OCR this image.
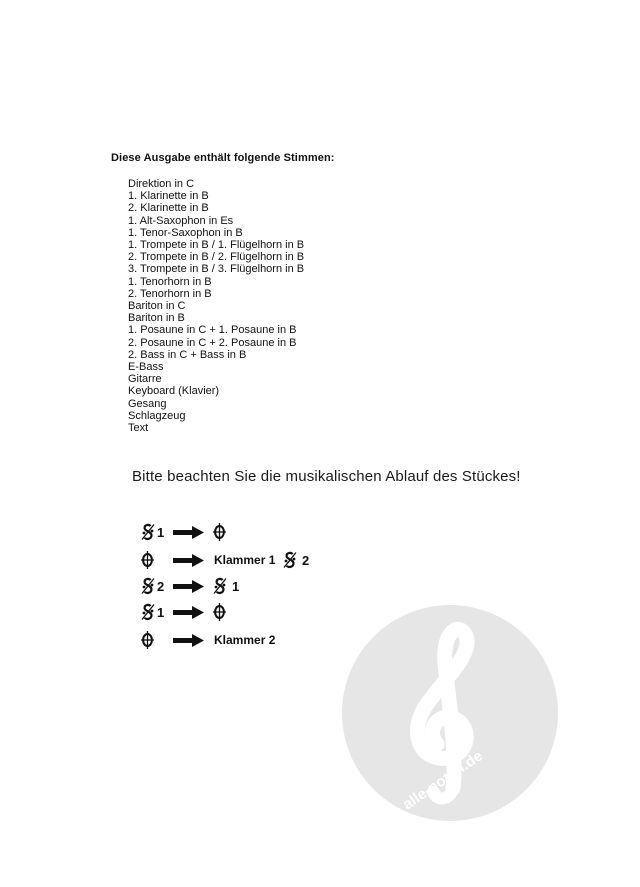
Diese Ausgabe enthält folgende Stimmen:
Direktion in C
1. Klarinette in B
2. Klarinette in B
1. Alt-Saxophon in Es
1. Tenor-Saxophon in B
1. Trompete in B / 1. Flügelhorn in B
2. Trompete in B / 2. Flügelhorn in B
3. Trompete in B / 3. Flügelhorn in B
1. Tenorhorn in B
2. Tenorhorn in B
Bariton in C
Bariton in B
1. Posaune in C + 1. Posaune in B
2. Posaune in C + 2. Posaune in B
2. Bass in C + Bass in B
E-Bass
Gitarre
Keyboard (Klavier)
Gesang
Schlagzeug
Text
Bitte beachten Sie die musikalischen Ablauf des Stückes!
1
Klammer 1 2
2	1
1
Klammer 2
alle-noten.de
